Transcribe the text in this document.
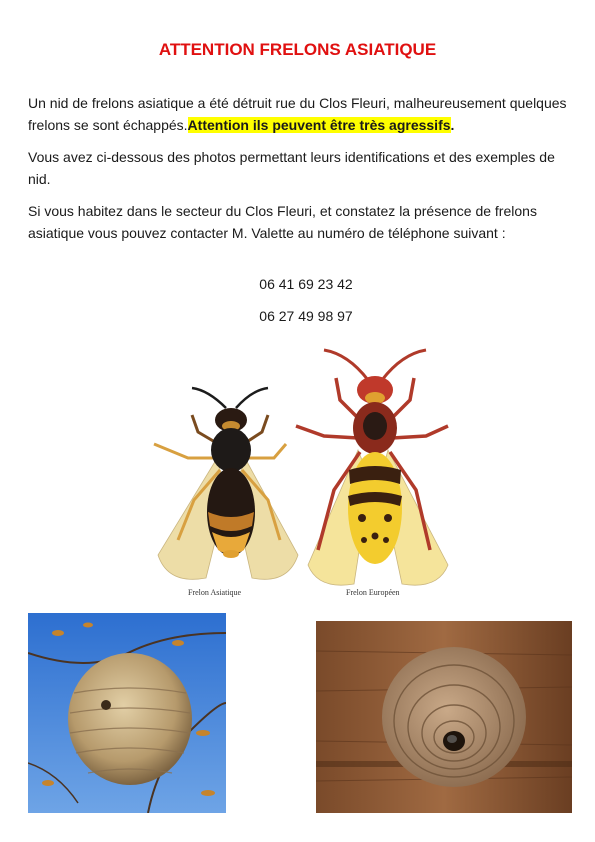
ATTENTION FRELONS ASIATIQUE
Un nid de frelons asiatique a été détruit rue du Clos Fleuri, malheureusement quelques frelons se sont échappés.Attention ils peuvent être très agressifs.
Vous avez ci-dessous des photos permettant leurs identifications et des exemples de nid.
Si vous habitez dans le secteur du Clos Fleuri, et constatez la présence de frelons asiatique vous pouvez contacter M. Valette au numéro de téléphone suivant :
06 41 69 23 42
06 27 49 98 97
Frelon Asiatique	Frelon Européen
